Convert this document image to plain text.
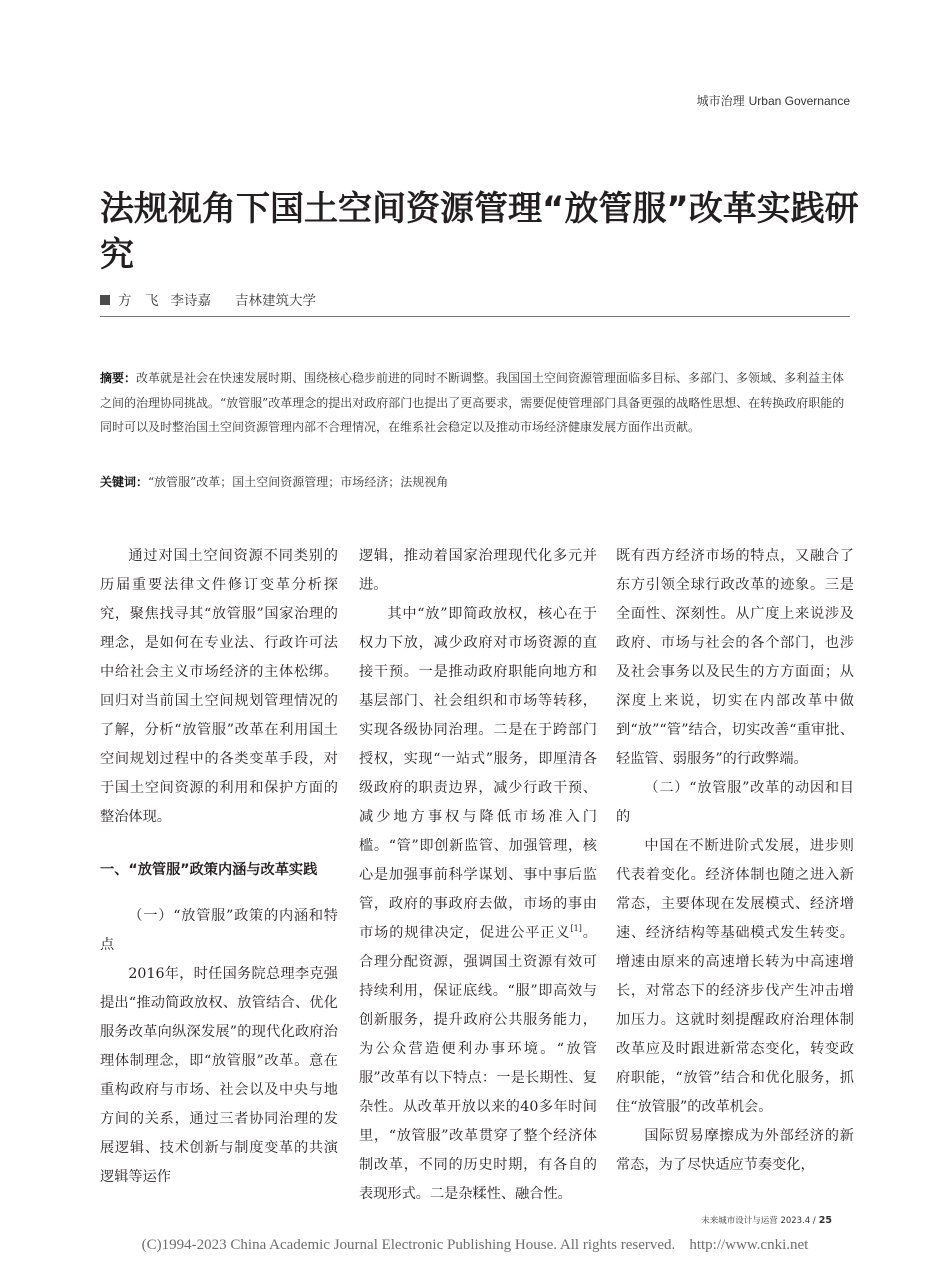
城市治理 Urban Governance
法规视角下国土空间资源管理“放管服”改革实践研究
方　飞 李诗嘉 吉林建筑大学

摘要：改革就是社会在快速发展时期、围绕核心稳步前进的同时不断调整。我国国土空间资源管理面临多目标、多部门、多领域、多利益主体之间的治理协同挑战。“放管服”改革理念的提出对政府部门也提出了更高要求，需要促使管理部门具备更强的战略性思想、在转换政府职能的同时可以及时整治国土空间资源管理内部不合理情况，在维系社会稳定以及推动市场经济健康发展方面作出贡献。

关键词：“放管服”改革；国土空间资源管理；市场经济；法规视角

通过对国土空间资源不同类别的历届重要法律文件修订变革分析探究，聚焦找寻其“放管服”国家治理的理念，是如何在专业法、行政许可法中给社会主义市场经济的主体松绑。回归对当前国土空间规划管理情况的了解，分析“放管服”改革在利用国土空间规划过程中的各类变革手段，对于国土空间资源的利用和保护方面的整治体现。

一、“放管服”政策内涵与改革实践

（一）“放管服”政策的内涵和特点

2016年，时任国务院总理李克强提出“推动简政放权、放管结合、优化服务改革向纵深发展”的现代化政府治理体制理念，即“放管服”改革。意在重构政府与市场、社会以及中央与地方间的关系，通过三者协同治理的发展逻辑、技术创新与制度变革的共演逻辑等运作

逻辑，推动着国家治理现代化多元并进。

其中“放”即简政放权，核心在于权力下放，减少政府对市场资源的直接干预。一是推动政府职能向地方和基层部门、社会组织和市场等转移，实现各级协同治理。二是在于跨部门授权，实现“一站式”服务，即厘清各级政府的职责边界，减少行政干预、减少地方事权与降低市场准入门槛。“管”即创新监管、加强管理，核心是加强事前科学谋划、事中事后监管，政府的事政府去做，市场的事由市场的规律决定，促进公平正义[1]。合理分配资源，强调国土资源有效可持续利用，保证底线。“服”即高效与创新服务，提升政府公共服务能力，为公众营造便利办事环境。“放管服”改革有以下特点：一是长期性、复杂性。从改革开放以来的40多年时间里，“放管服”改革贯穿了整个经济体制改革，不同的历史时期，有各自的表现形式。二是杂糅性、融合性。

既有西方经济市场的特点，又融合了东方引领全球行政改革的迹象。三是全面性、深刻性。从广度上来说涉及政府、市场与社会的各个部门，也涉及社会事务以及民生的方方面面；从深度上来说，切实在内部改革中做到“放”“管”结合，切实改善“重审批、轻监管、弱服务”的行政弊端。

（二）“放管服”改革的动因和目的

中国在不断进阶式发展，进步则代表着变化。经济体制也随之进入新常态，主要体现在发展模式、经济增速、经济结构等基础模式发生转变。增速由原来的高速增长转为中高速增长，对常态下的经济步伐产生冲击增加压力。这就时刻提醒政府治理体制改革应及时跟进新常态变化，转变政府职能，“放管”结合和优化服务，抓住“放管服”的改革机会。

国际贸易摩擦成为外部经济的新常态，为了尽快适应节奏变化，

未来城市设计与运营 2023.4 / 25
(C)1994-2023 China Academic Journal Electronic Publishing House. All rights reserved. http://www.cnki.net
